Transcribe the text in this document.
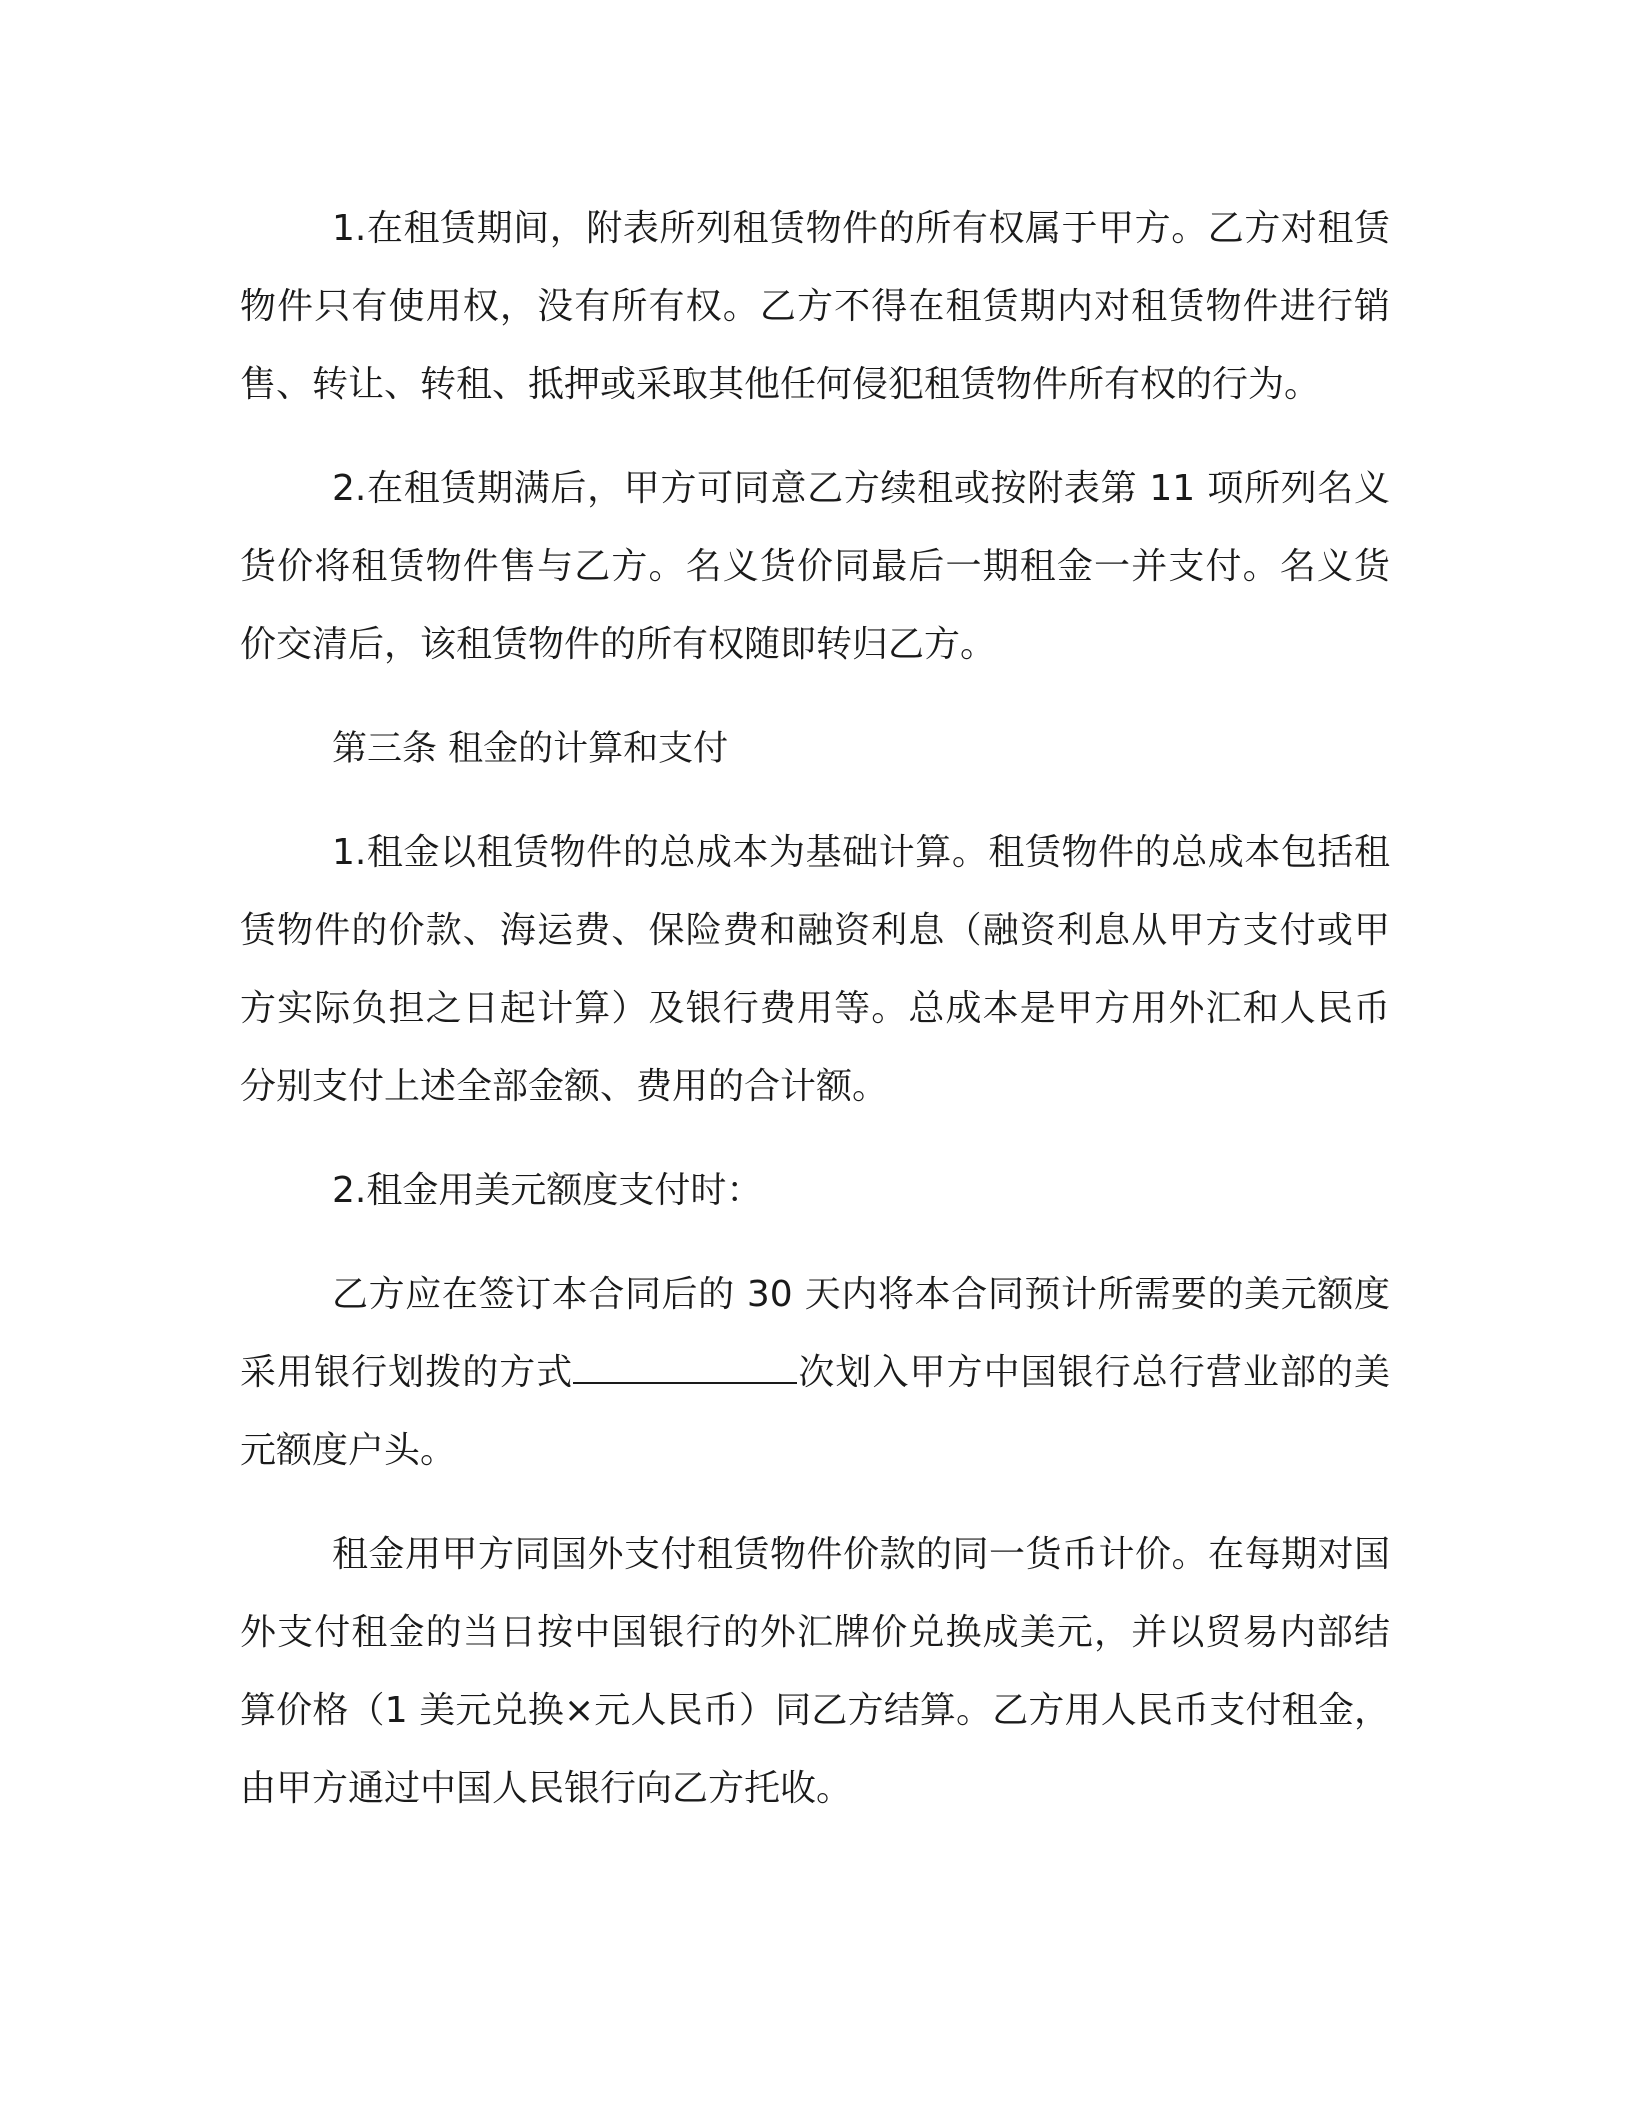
1.在租赁期间，附表所列租赁物件的所有权属于甲方。乙方对租赁物件只有使用权，没有所有权。乙方不得在租赁期内对租赁物件进行销售、转让、转租、抵押或采取其他任何侵犯租赁物件所有权的行为。

2.在租赁期满后，甲方可同意乙方续租或按附表第 11 项所列名义货价将租赁物件售与乙方。名义货价同最后一期租金一并支付。名义货价交清后，该租赁物件的所有权随即转归乙方。

第三条 租金的计算和支付

1.租金以租赁物件的总成本为基础计算。租赁物件的总成本包括租赁物件的价款、海运费、保险费和融资利息（融资利息从甲方支付或甲方实际负担之日起计算）及银行费用等。总成本是甲方用外汇和人民币分别支付上述全部金额、费用的合计额。

2.租金用美元额度支付时：

乙方应在签订本合同后的 30 天内将本合同预计所需要的美元额度采用银行划拨的方式	次划入甲方中国银行总行营业部的美元额度户头。

租金用甲方同国外支付租赁物件价款的同一货币计价。在每期对国外支付租金的当日按中国银行的外汇牌价兑换成美元，并以贸易内部结算价格（1 美元兑换×元人民币）同乙方结算。乙方用人民币支付租金，由甲方通过中国人民银行向乙方托收。
